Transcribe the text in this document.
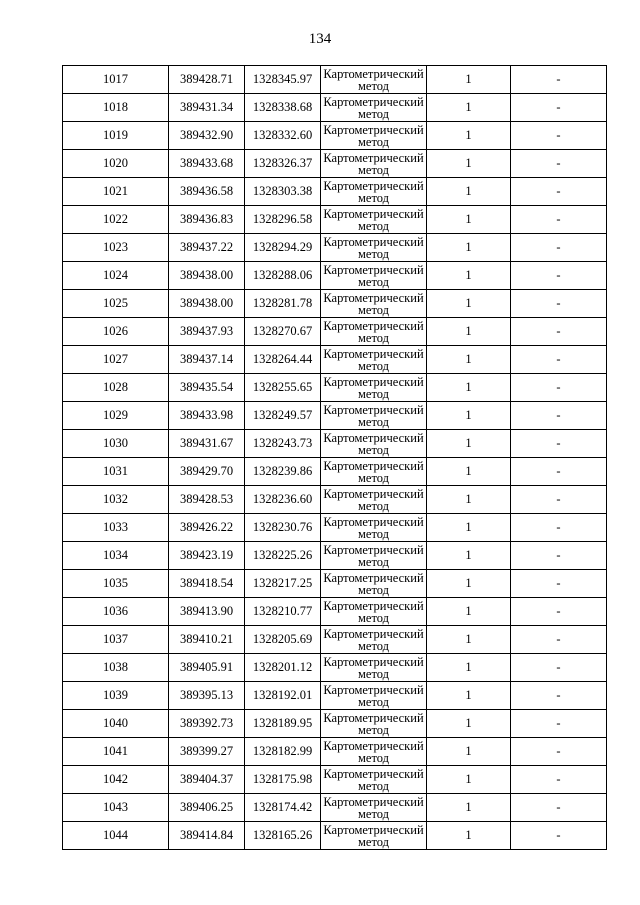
134
1017	389428.71	1328345.97	Картометрический метод	1	-
1018	389431.34	1328338.68	Картометрический метод	1	-
1019	389432.90	1328332.60	Картометрический метод	1	-
1020	389433.68	1328326.37	Картометрический метод	1	-
1021	389436.58	1328303.38	Картометрический метод	1	-
1022	389436.83	1328296.58	Картометрический метод	1	-
1023	389437.22	1328294.29	Картометрический метод	1	-
1024	389438.00	1328288.06	Картометрический метод	1	-
1025	389438.00	1328281.78	Картометрический метод	1	-
1026	389437.93	1328270.67	Картометрический метод	1	-
1027	389437.14	1328264.44	Картометрический метод	1	-
1028	389435.54	1328255.65	Картометрический метод	1	-
1029	389433.98	1328249.57	Картометрический метод	1	-
1030	389431.67	1328243.73	Картометрический метод	1	-
1031	389429.70	1328239.86	Картометрический метод	1	-
1032	389428.53	1328236.60	Картометрический метод	1	-
1033	389426.22	1328230.76	Картометрический метод	1	-
1034	389423.19	1328225.26	Картометрический метод	1	-
1035	389418.54	1328217.25	Картометрический метод	1	-
1036	389413.90	1328210.77	Картометрический метод	1	-
1037	389410.21	1328205.69	Картометрический метод	1	-
1038	389405.91	1328201.12	Картометрический метод	1	-
1039	389395.13	1328192.01	Картометрический метод	1	-
1040	389392.73	1328189.95	Картометрический метод	1	-
1041	389399.27	1328182.99	Картометрический метод	1	-
1042	389404.37	1328175.98	Картометрический метод	1	-
1043	389406.25	1328174.42	Картометрический метод	1	-
1044	389414.84	1328165.26	Картометрический метод	1	-
